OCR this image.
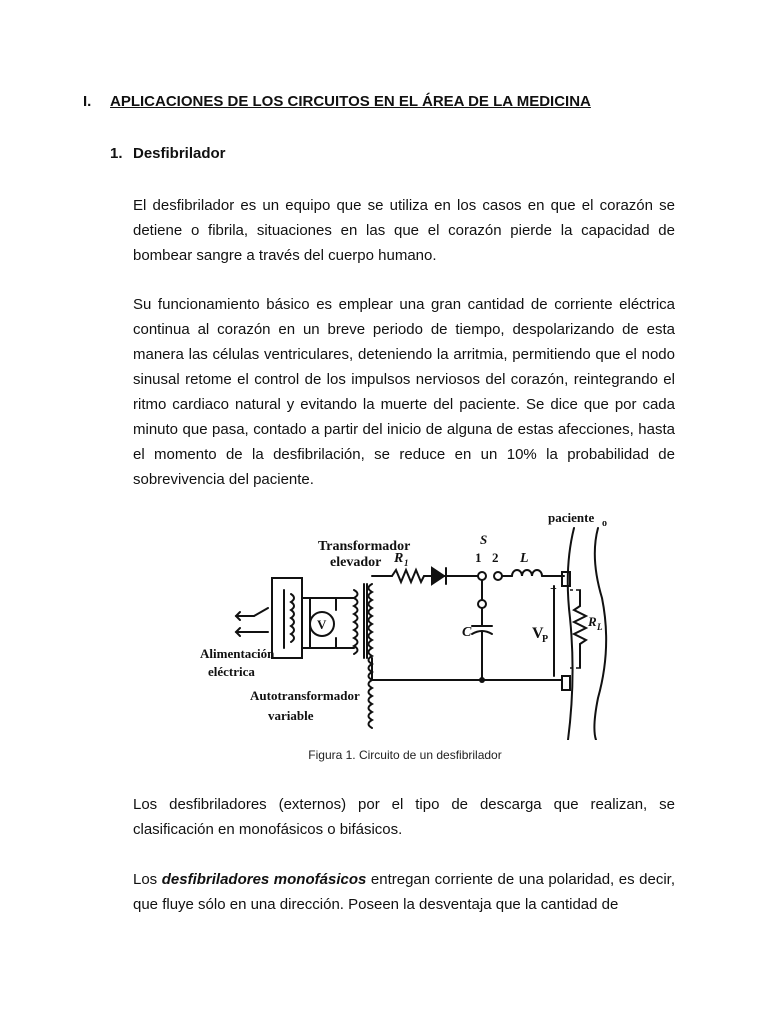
I. APLICACIONES DE LOS CIRCUITOS EN EL ÁREA DE LA MEDICINA
1. Desfibrilador

El desfibrilador es un equipo que se utiliza en los casos en que el corazón se detiene o fibrila, situaciones en las que el corazón pierde la capacidad de bombear sangre a través del cuerpo humano.

Su funcionamiento básico es emplear una gran cantidad de corriente eléctrica continua al corazón en un breve periodo de tiempo, despolarizando de esta manera las células ventriculares, deteniendo la arritmia, permitiendo que el nodo sinusal retome el control de los impulsos nerviosos del corazón, reintegrando el ritmo cardiaco natural y evitando la muerte del paciente. Se dice que por cada minuto que pasa, contado a partir del inicio de alguna de estas afecciones, hasta el momento de la desfibrilación, se reduce en un 10% la probabilidad de sobrevivencia del paciente.

Transformador
elevador
Alimentación
eléctrica
Autotransformador
variable
paciente o
R 1
S
1 2 L
C	V
P
R L
V
+
Figura 1. Circuito de un desfibrilador

Los desfibriladores (externos) por el tipo de descarga que realizan, se clasificación en monofásicos o bifásicos.

Los desfibriladores monofásicos entregan corriente de una polaridad, es decir, que fluye sólo en una dirección. Poseen la desventaja que la cantidad de
